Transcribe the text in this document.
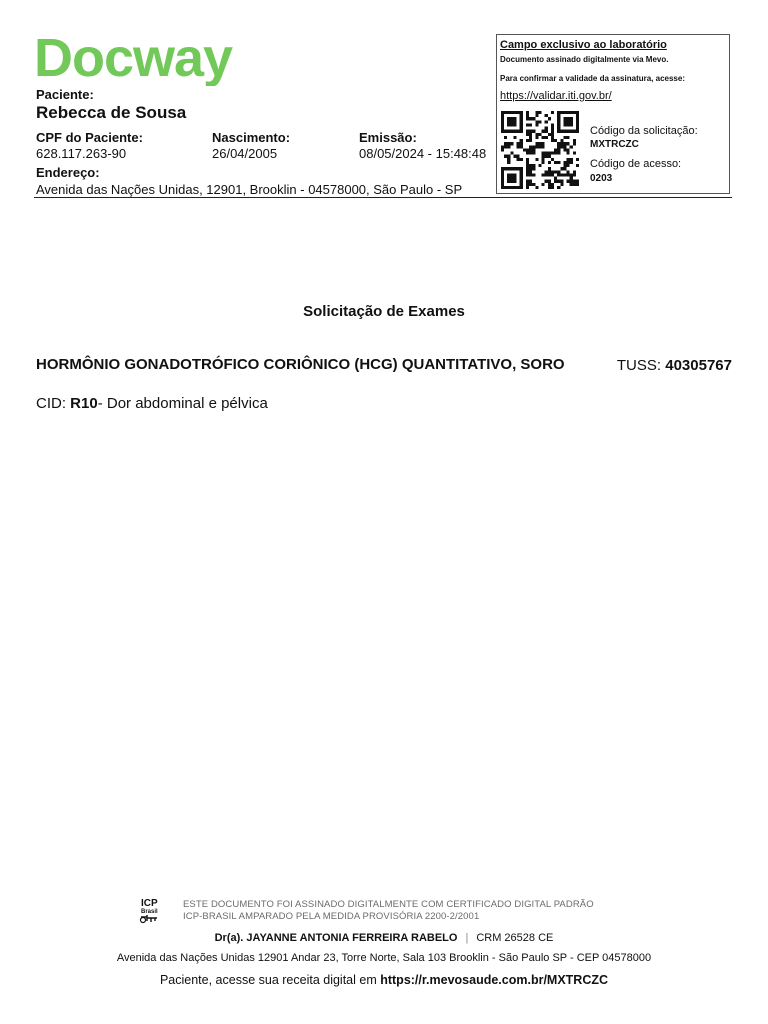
Docway
Paciente:
Rebecca de Sousa
CPF do Paciente:
628.117.263-90
Nascimento:
26/04/2005
Emissão:
08/05/2024 - 15:48:48
Endereço:
Avenida das Nações Unidas, 12901, Brooklin - 04578000, São Paulo - SP
Campo exclusivo ao laboratório
Documento assinado digitalmente via Mevo.
Para confirmar a validade da assinatura, acesse:
https://validar.iti.gov.br/
Código da solicitação:
MXTRCZC
Código de acesso:
0203
Solicitação de Exames
HORMÔNIO GONADOTRÓFICO CORIÔNICO (HCG) QUANTITATIVO, SORO	TUSS: 40305767
CID: R10- Dor abdominal e pélvica
ICP
Brasil
ESTE DOCUMENTO FOI ASSINADO DIGITALMENTE COM CERTIFICADO DIGITAL PADRÃO
ICP-BRASIL AMPARADO PELA MEDIDA PROVISÓRIA 2200-2/2001
Dr(a). JAYANNE ANTONIA FERREIRA RABELO | CRM 26528 CE
Avenida das Nações Unidas 12901 Andar 23, Torre Norte, Sala 103 Brooklin - São Paulo SP - CEP 04578000
Paciente, acesse sua receita digital em https://r.mevosaude.com.br/MXTRCZC
